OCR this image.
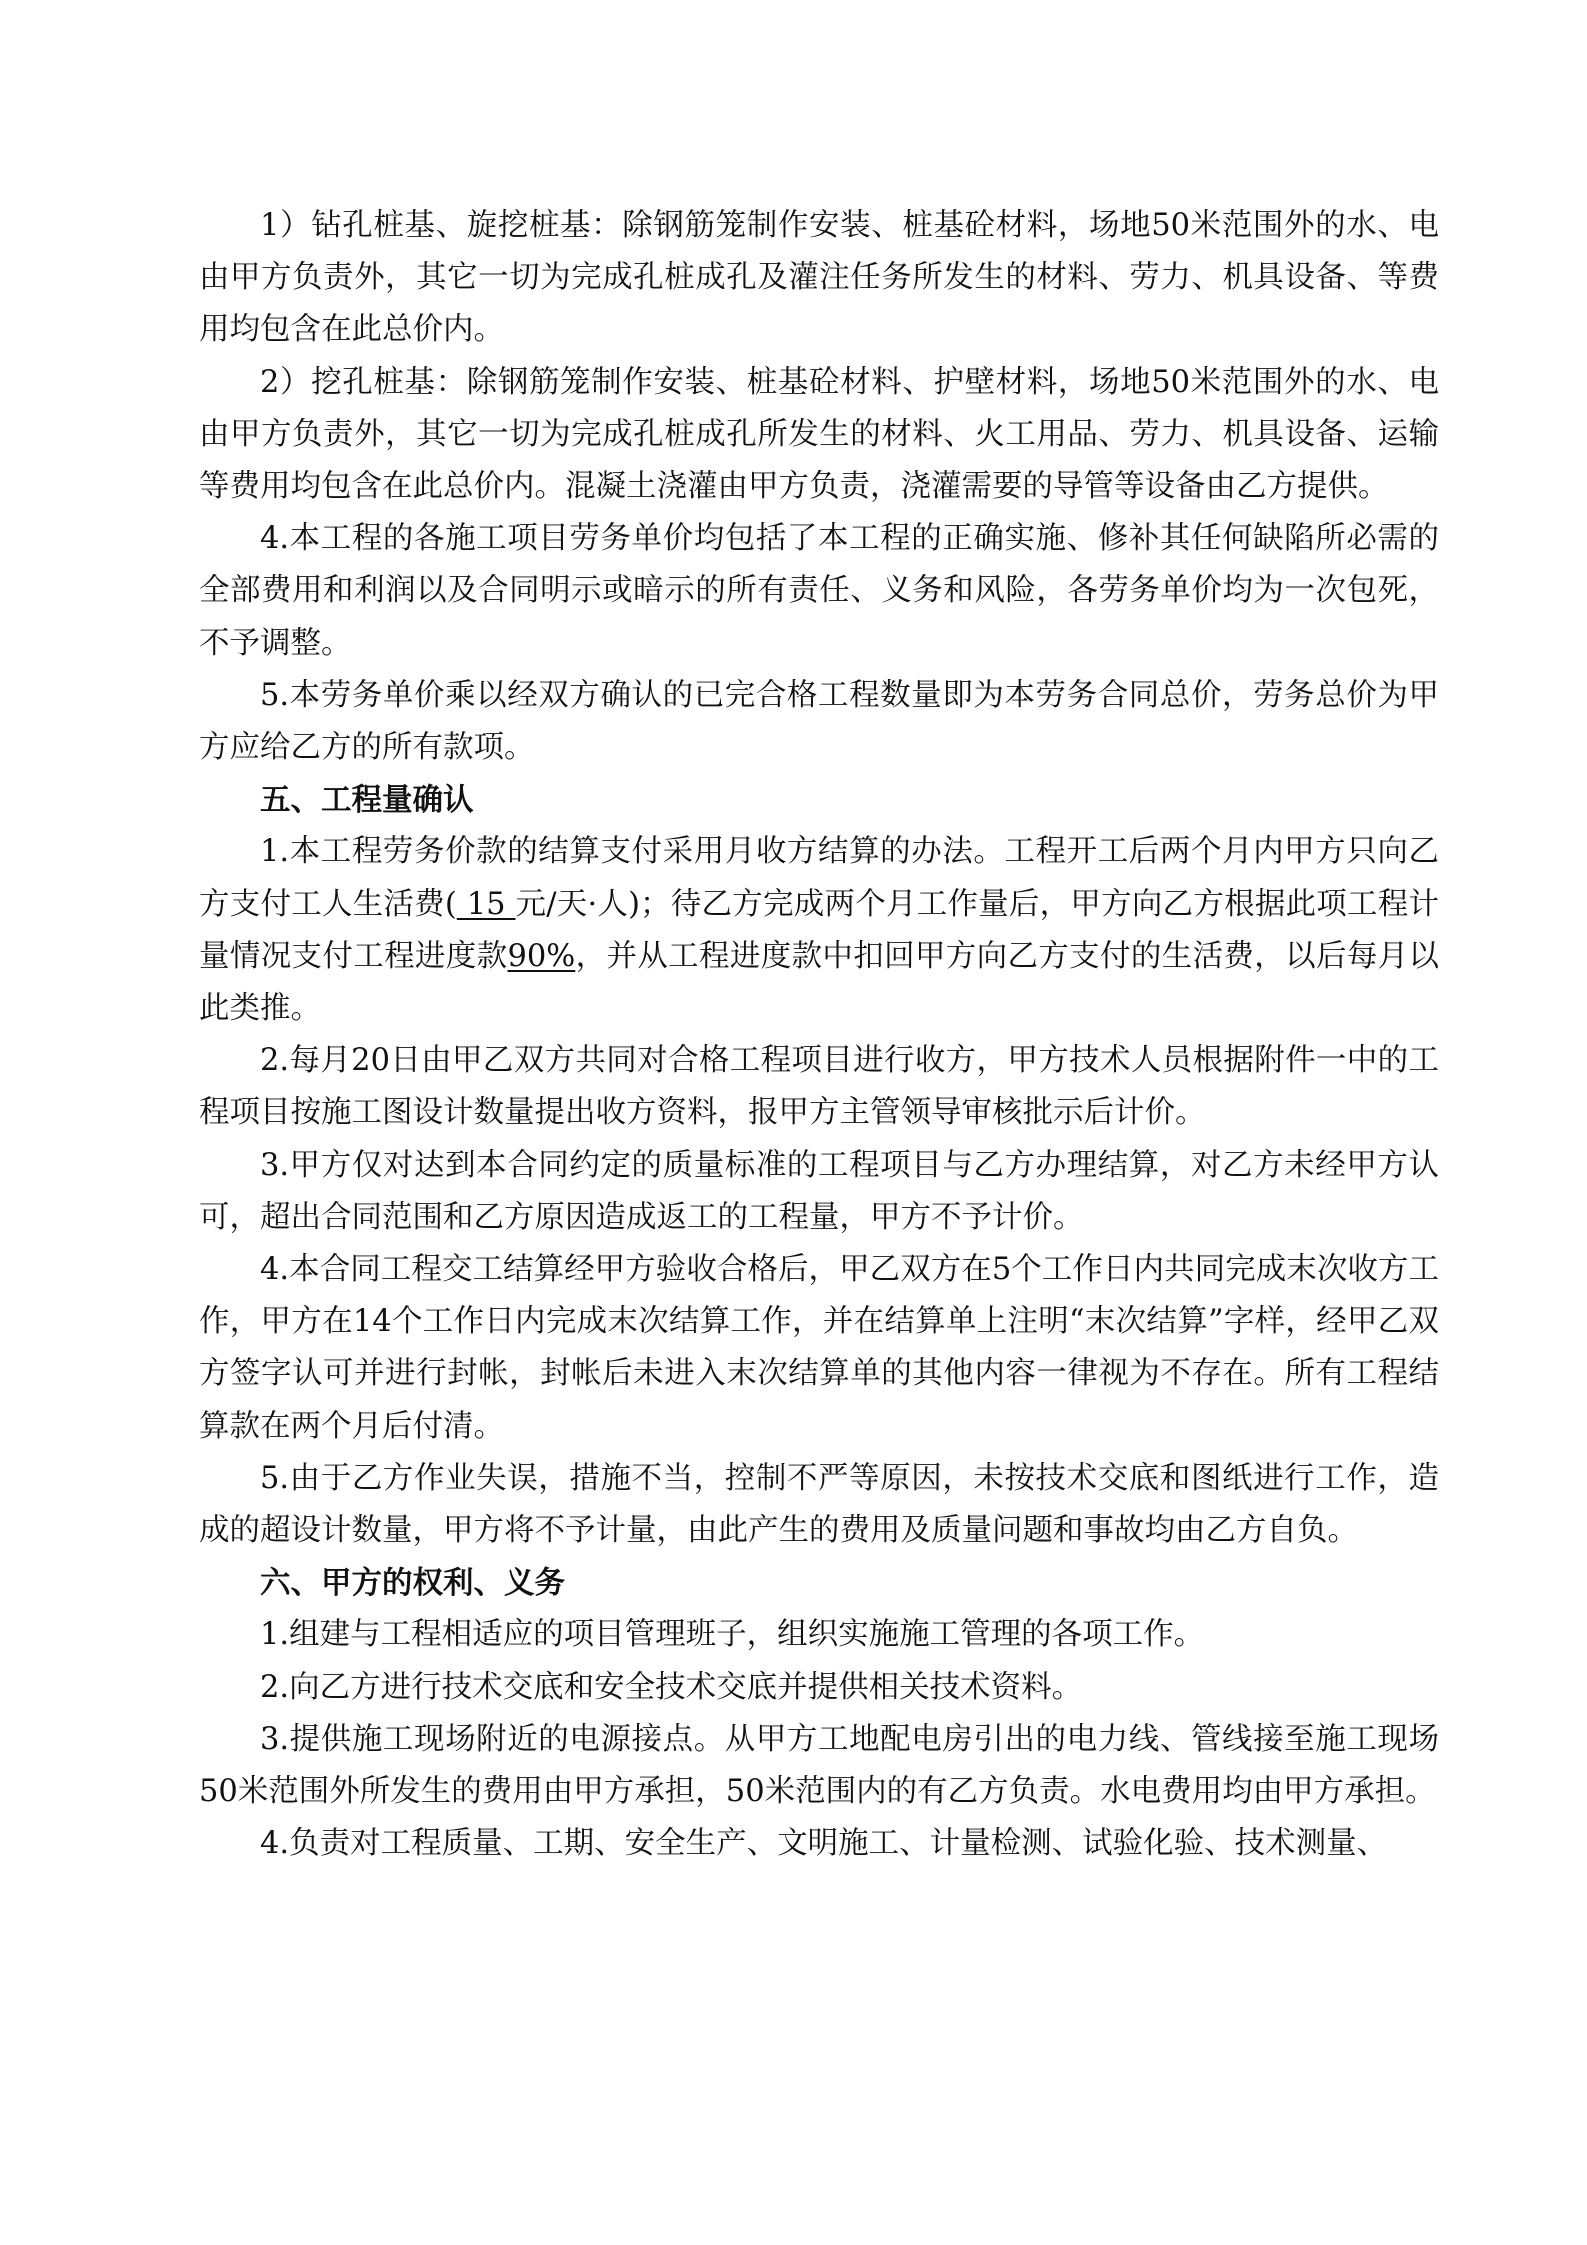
1）钻孔桩基、旋挖桩基：除钢筋笼制作安装、桩基砼材料，场地50米范围外的水、电由甲方负责外，其它一切为完成孔桩成孔及灌注任务所发生的材料、劳力、机具设备、等费用均包含在此总价内。

2）挖孔桩基：除钢筋笼制作安装、桩基砼材料、护壁材料，场地50米范围外的水、电由甲方负责外，其它一切为完成孔桩成孔所发生的材料、火工用品、劳力、机具设备、运输等费用均包含在此总价内。混凝土浇灌由甲方负责，浇灌需要的导管等设备由乙方提供。

4.本工程的各施工项目劳务单价均包括了本工程的正确实施、修补其任何缺陷所必需的全部费用和利润以及合同明示或暗示的所有责任、义务和风险，各劳务单价均为一次包死，不予调整。

5.本劳务单价乘以经双方确认的已完合格工程数量即为本劳务合同总价，劳务总价为甲方应给乙方的所有款项。

五、工程量确认

1.本工程劳务价款的结算支付采用月收方结算的办法。工程开工后两个月内甲方只向乙方支付工人生活费( 15 元/天·人)；待乙方完成两个月工作量后，甲方向乙方根据此项工程计量情况支付工程进度款90%，并从工程进度款中扣回甲方向乙方支付的生活费，以后每月以此类推。

2.每月20日由甲乙双方共同对合格工程项目进行收方，甲方技术人员根据附件一中的工程项目按施工图设计数量提出收方资料，报甲方主管领导审核批示后计价。

3.甲方仅对达到本合同约定的质量标准的工程项目与乙方办理结算，对乙方未经甲方认可，超出合同范围和乙方原因造成返工的工程量，甲方不予计价。

4.本合同工程交工结算经甲方验收合格后，甲乙双方在5个工作日内共同完成末次收方工作，甲方在14个工作日内完成末次结算工作，并在结算单上注明“末次结算”字样，经甲乙双方签字认可并进行封帐，封帐后未进入末次结算单的其他内容一律视为不存在。所有工程结算款在两个月后付清。

5.由于乙方作业失误，措施不当，控制不严等原因，未按技术交底和图纸进行工作，造成的超设计数量，甲方将不予计量，由此产生的费用及质量问题和事故均由乙方自负。

六、甲方的权利、义务

1.组建与工程相适应的项目管理班子，组织实施施工管理的各项工作。

2.向乙方进行技术交底和安全技术交底并提供相关技术资料。

3.提供施工现场附近的电源接点。从甲方工地配电房引出的电力线、管线接至施工现场50米范围外所发生的费用由甲方承担，50米范围内的有乙方负责。水电费用均由甲方承担。

4.负责对工程质量、工期、安全生产、文明施工、计量检测、试验化验、技术测量、
